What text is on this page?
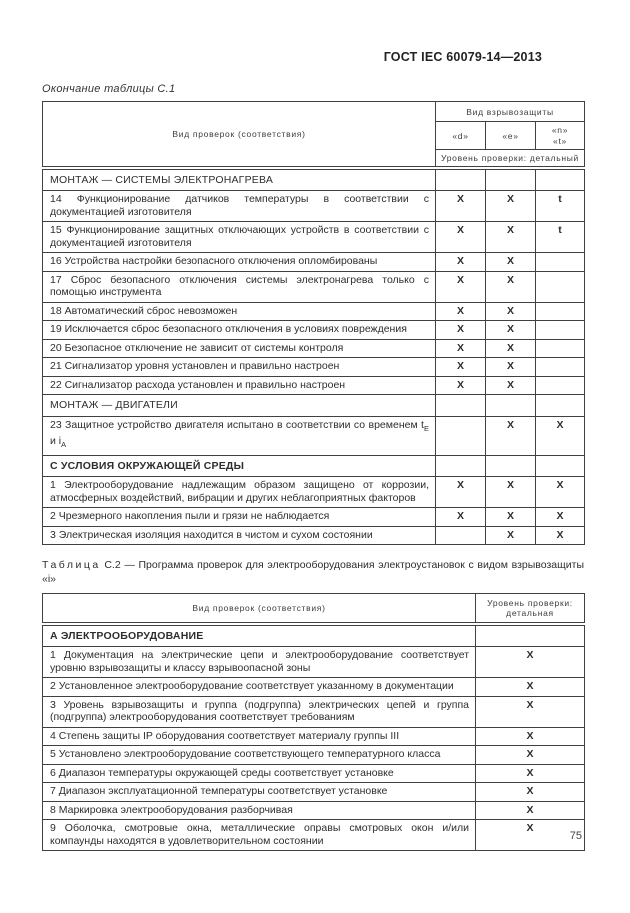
ГОСТ IEC 60079-14—2013

Окончание таблицы С.1

Вид проверок (соответствия)	Вид взрывозащиты		
	«d»	«e»	«n»
«t»

	Уровень проверки: детальный		
МОНТАЖ — СИСТЕМЫ ЭЛЕКТРОНАГРЕВА			
14 Функционирование датчиков температуры в соответствии с документацией изготовителя	X	X	t
15 Функционирование защитных отключающих устройств в соответствии с документацией изготовителя	X	X	t
16 Устройства настройки безопасного отключения опломбированы	X	X	
17 Сброс безопасного отключения системы электронагрева только с помощью инструмента	X	X	
18 Автоматический сброс невозможен	X	X	
19 Исключается сброс безопасного отключения в условиях повреждения	X	X	
20 Безопасное отключение не зависит от системы контроля	X	X	
21 Сигнализатор уровня установлен и правильно настроен	X	X	
22 Сигнализатор расхода установлен и правильно настроен	X	X	
МОНТАЖ — ДВИГАТЕЛИ			
23 Защитное устройство двигателя испытано в соответствии со временем $t_E$ и $i_A$		X	X
С УСЛОВИЯ ОКРУЖАЮЩЕЙ СРЕДЫ			
1 Электрооборудование надлежащим образом защищено от коррозии, атмосферных воздействий, вибрации и других неблагоприятных факторов	X	X	X
2 Чрезмерного накопления пыли и грязи не наблюдается	X	X	X
3 Электрическая изоляция находится в чистом и сухом состоянии		X	X

Таблица С.2 — Программа проверок для электрооборудования электроустановок с видом взрывозащиты «i»

Вид проверок (соответствия)	Уровень проверки:
детальная

А ЭЛЕКТРООБОРУДОВАНИЕ	
1 Документация на электрические цепи и электрооборудование соответствует уровню взрывозащиты и классу взрывоопасной зоны	X
2 Установленное электрооборудование соответствует указанному в документации	X
3 Уровень взрывозащиты и группа (подгруппа) электрических цепей и группа (подгруппа) электрооборудования соответствует требованиям	X
4 Степень защиты IP оборудования соответствует материалу группы III	X
5 Установлено электрооборудование соответствующего температурного класса	X
6 Диапазон температуры окружающей среды соответствует установке	X
7 Диапазон эксплуатационной температуры соответствует установке	X
8 Маркировка электрооборудования разборчивая	X
9 Оболочка, смотровые окна, металлические оправы смотровых окон и/или компаунды находятся в удовлетворительном состоянии	X
75
